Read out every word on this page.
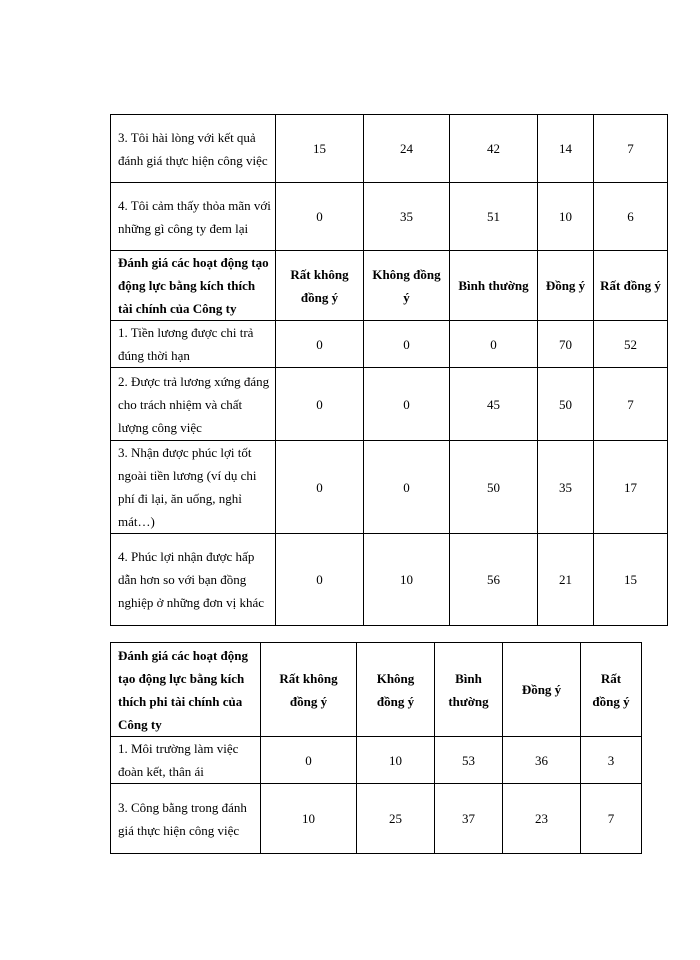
3. Tôi hài lòng với kết quả đánh giá thực hiện công việc	15	24	42	14	7
4. Tôi cảm thấy thỏa mãn với những gì công ty đem lại	0	35	51	10	6
Đánh giá các hoạt động tạo động lực bằng kích thích tài chính của Công ty	Rất không đồng ý	Không đồng ý	Bình thường	Đồng ý	Rất đồng ý
1. Tiền lương được chi trả đúng thời hạn	0	0	0	70	52
2. Được trả lương xứng đáng cho trách nhiệm và chất lượng công việc	0	0	45	50	7
3. Nhận được phúc lợi tốt ngoài tiền lương (ví dụ chi phí đi lại, ăn uống, nghỉ mát…)	0	0	50	35	17
4. Phúc lợi nhận được hấp dẫn hơn so với bạn đồng nghiệp ở những đơn vị khác	0	10	56	21	15
Đánh giá các hoạt động tạo động lực bằng kích thích phi tài chính của Công ty	Rất không đồng ý	Không đồng ý	Bình thường	Đồng ý	Rất đồng ý
1. Môi trường làm việc đoàn kết, thân ái	0	10	53	36	3
3. Công bằng trong đánh giá thực hiện công việc	10	25	37	23	7
